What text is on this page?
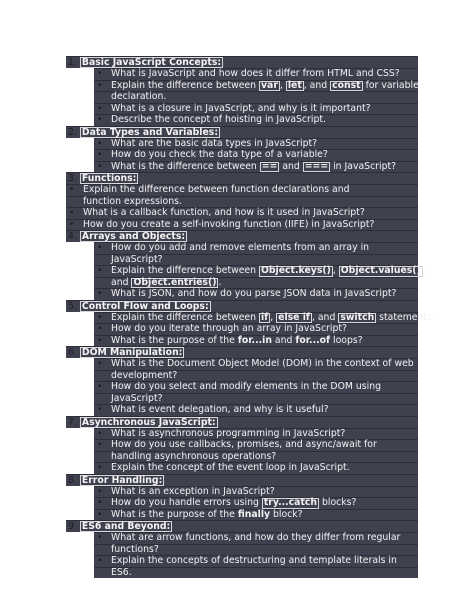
1. Basic JavaScript Concepts:
• What is JavaScript and how does it differ from HTML and CSS?
• Explain the difference between var , let , and const for variable
declaration.
• What is a closure in JavaScript, and why is it important?
• Describe the concept of hoisting in JavaScript.
2. Data Types and Variables:
• What are the basic data types in JavaScript?
• How do you check the data type of a variable?
• What is the difference between == and === in JavaScript?
3. Functions:
• Explain the difference between function declarations and
function expressions.
• What is a callback function, and how is it used in JavaScript?
• How do you create a self-invoking function (IIFE) in JavaScript?
4. Arrays and Objects:
• How do you add and remove elements from an array in
JavaScript?
• Explain the difference between Object.keys() , Object.values() ,
and Object.entries() .
• What is JSON, and how do you parse JSON data in JavaScript?
5. Control Flow and Loops:
• Explain the difference between if , else if , and switch statements.
• How do you iterate through an array in JavaScript?
• What is the purpose of the for...in and for...of loops?
6. DOM Manipulation:
• What is the Document Object Model (DOM) in the context of web
development?
• How do you select and modify elements in the DOM using
JavaScript?
• What is event delegation, and why is it useful?
7. Asynchronous JavaScript:
• What is asynchronous programming in JavaScript?
• How do you use callbacks, promises, and async/await for
handling asynchronous operations?
• Explain the concept of the event loop in JavaScript.
8. Error Handling:
• What is an exception in JavaScript?
• How do you handle errors using try...catch blocks?
• What is the purpose of the finally block?
9. ES6 and Beyond:
• What are arrow functions, and how do they differ from regular
functions?
• Explain the concepts of destructuring and template literals in
ES6.
